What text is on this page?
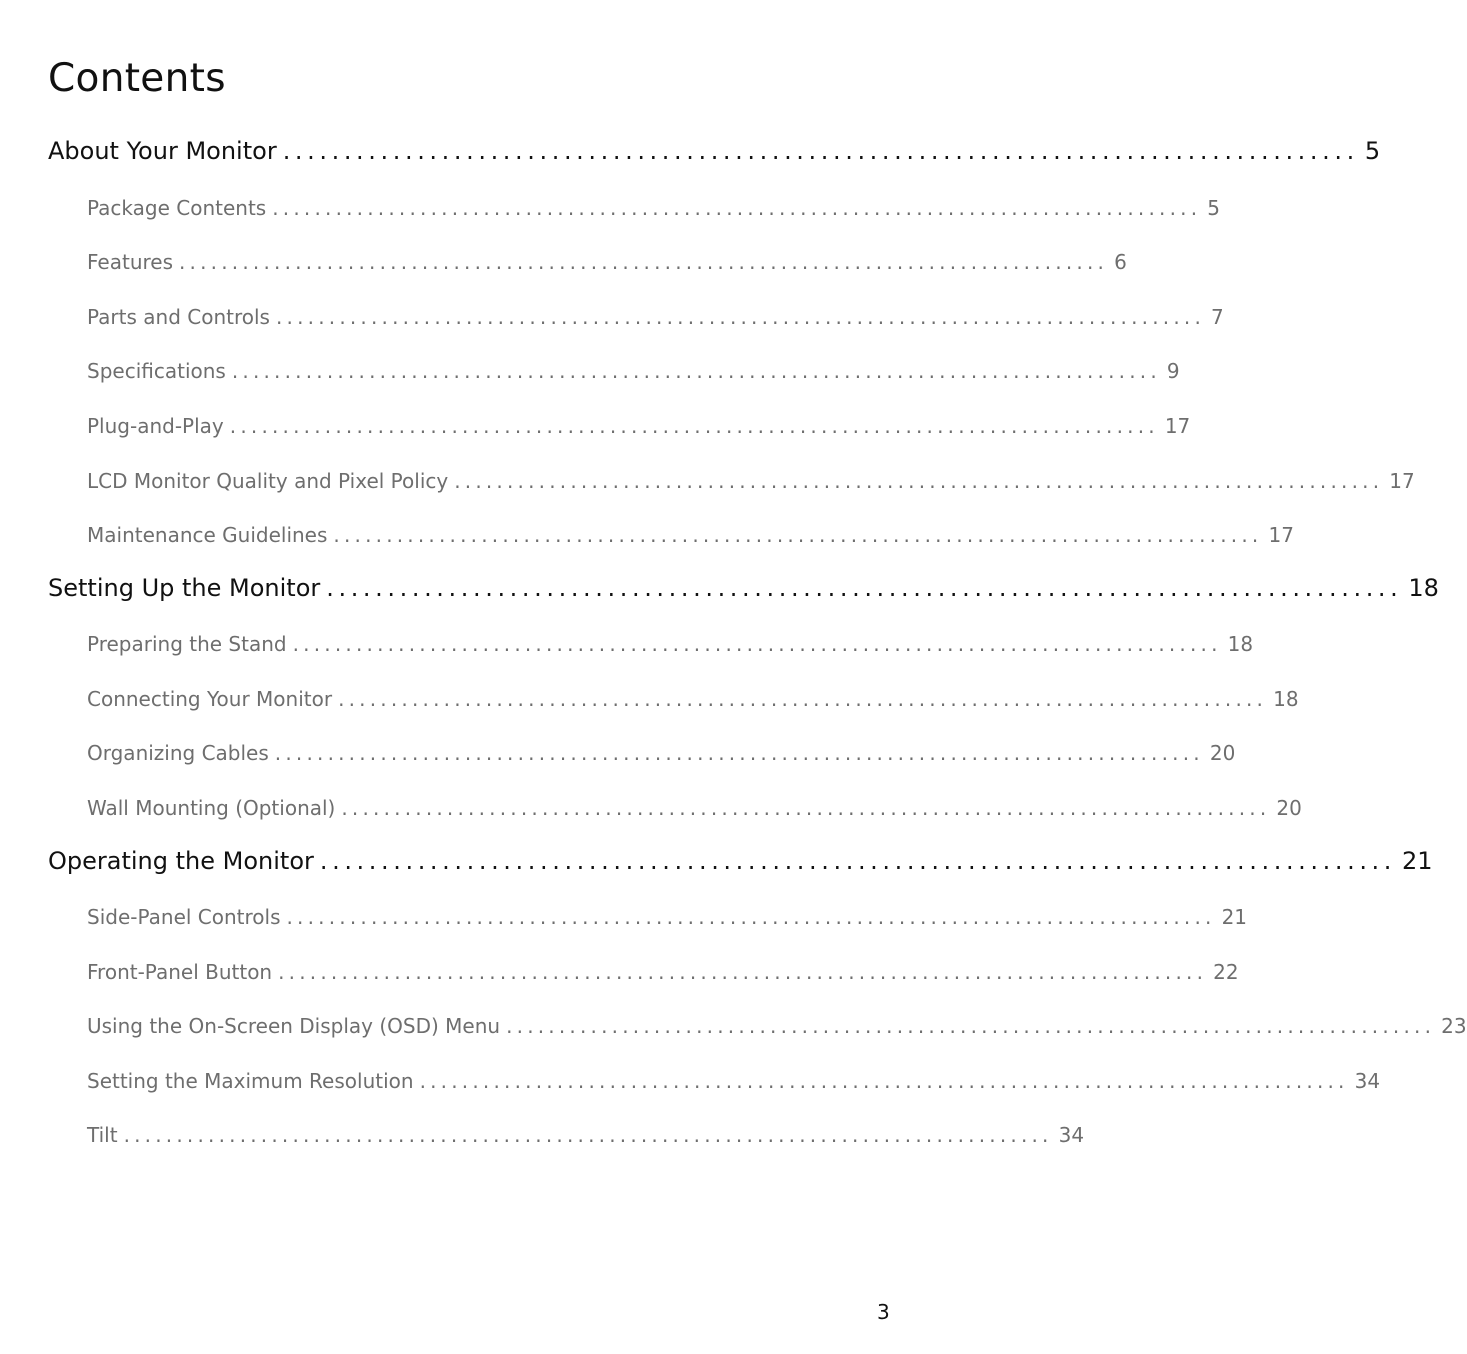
Contents
About Your Monitor ........................................................................................ 5
Package Contents ........................................................................................ 5
Features ........................................................................................ 6
Parts and Controls ........................................................................................ 7
Specifications ........................................................................................ 9
Plug-and-Play ........................................................................................ 17
LCD Monitor Quality and Pixel Policy ........................................................................................ 17
Maintenance Guidelines ........................................................................................ 17
Setting Up the Monitor ........................................................................................ 18
Preparing the Stand ........................................................................................ 18
Connecting Your Monitor ........................................................................................ 18
Organizing Cables ........................................................................................ 20
Wall Mounting (Optional) ........................................................................................ 20
Operating the Monitor ........................................................................................ 21
Side-Panel Controls ........................................................................................ 21
Front-Panel Button ........................................................................................ 22
Using the On-Screen Display (OSD) Menu ........................................................................................ 23
Setting the Maximum Resolution ........................................................................................ 34
Tilt ........................................................................................ 34
3
